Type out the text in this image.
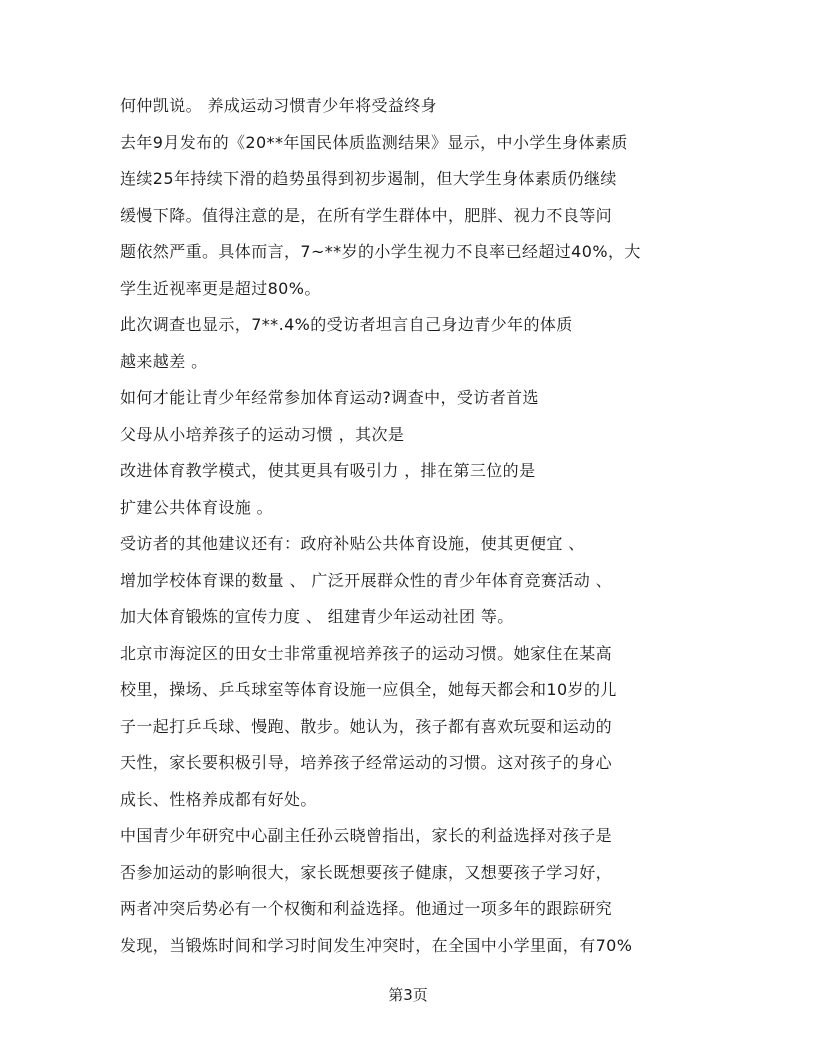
何仲凯说。 养成运动习惯青少年将受益终身
去年9月发布的《20**年国民体质监测结果》显示，中小学生身体素质
连续25年持续下滑的趋势虽得到初步遏制，但大学生身体素质仍继续
缓慢下降。值得注意的是，在所有学生群体中，肥胖、视力不良等问
题依然严重。具体而言，7~**岁的小学生视力不良率已经超过40%，大
学生近视率更是超过80%。
此次调查也显示，7**.4%的受访者坦言自己身边青少年的体质
越来越差 。
如何才能让青少年经常参加体育运动?调查中，受访者首选
父母从小培养孩子的运动习惯 ，其次是
改进体育教学模式，使其更具有吸引力 ，排在第三位的是
扩建公共体育设施 。
受访者的其他建议还有：政府补贴公共体育设施，使其更便宜 、
增加学校体育课的数量 、 广泛开展群众性的青少年体育竞赛活动 、
加大体育锻炼的宣传力度 、 组建青少年运动社团 等。
北京市海淀区的田女士非常重视培养孩子的运动习惯。她家住在某高
校里，操场、乒乓球室等体育设施一应俱全，她每天都会和10岁的儿
子一起打乒乓球、慢跑、散步。她认为，孩子都有喜欢玩耍和运动的
天性，家长要积极引导，培养孩子经常运动的习惯。这对孩子的身心
成长、性格养成都有好处。
中国青少年研究中心副主任孙云晓曾指出，家长的利益选择对孩子是
否参加运动的影响很大，家长既想要孩子健康，又想要孩子学习好，
两者冲突后势必有一个权衡和利益选择。他通过一项多年的跟踪研究
发现，当锻炼时间和学习时间发生冲突时，在全国中小学里面，有70%
第3页
